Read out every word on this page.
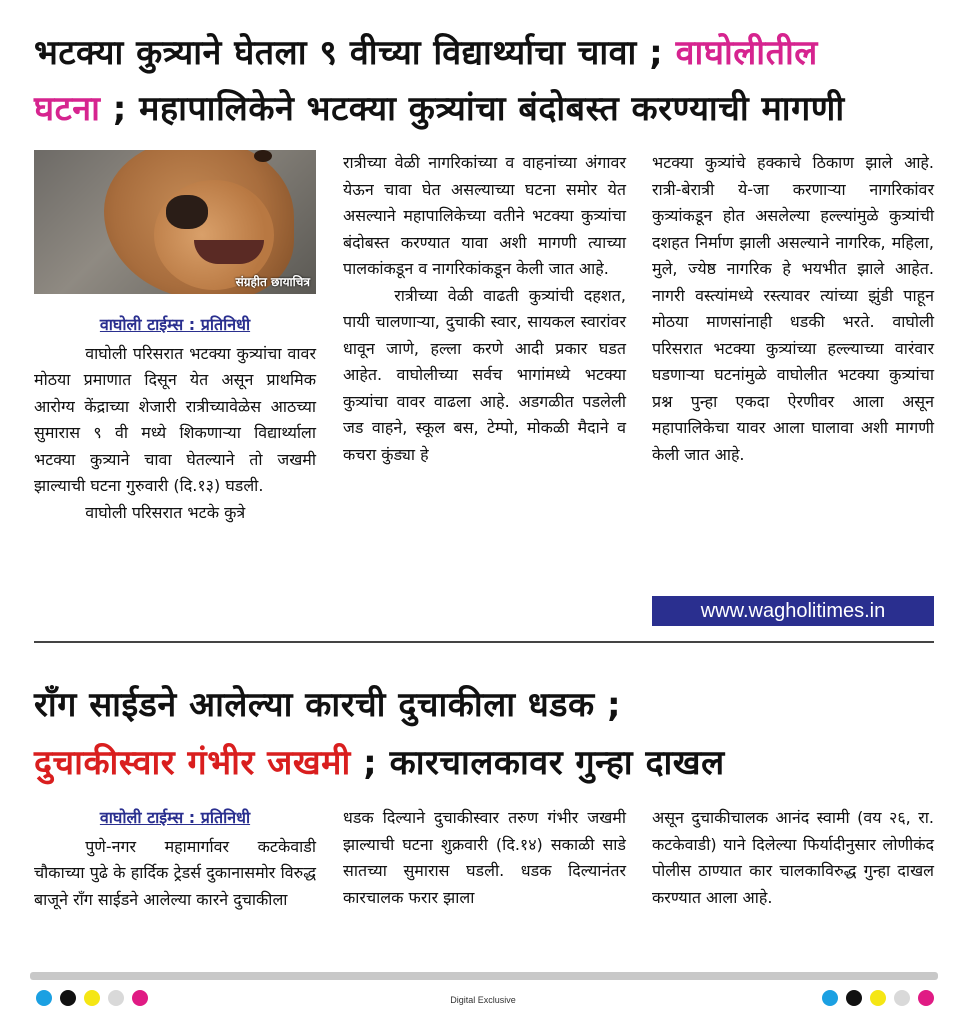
भटक्या कुत्र्याने घेतला ९ वीच्या विद्यार्थ्याचा चावा ; वाघोलीतील
घटना ; महापालिकेने भटक्या कुत्र्यांचा बंदोबस्त करण्याची मागणी
संग्रहीत छायाचित्र
वाघोली टाईम्स : प्रतिनिधी

वाघोली परिसरात भटक्या कुत्र्यांचा वावर मोठया प्रमाणात दिसून येत असून प्राथमिक आरोग्य केंद्राच्या शेजारी रात्रीच्यावेळेस आठच्या सुमारास ९ वी मध्ये शिकणाऱ्या विद्यार्थ्याला भटक्या कुत्र्याने चावा घेतल्याने तो जखमी झाल्याची घटना गुरुवारी (दि.१३) घडली.

वाघोली परिसरात भटके कुत्रे

रात्रीच्या वेळी नागरिकांच्या व वाहनांच्या अंगावर येऊन चावा घेत असल्याच्या घटना समोर येत असल्याने महापालिकेच्या वतीने भटक्या कुत्र्यांचा बंदोबस्त करण्यात यावा अशी मागणी त्याच्या पालकांकडून व नागरिकांकडून केली जात आहे.

रात्रीच्या वेळी वाढती कुत्र्यांची दहशत, पायी चालणाऱ्या, दुचाकी स्वार, सायकल स्वारांवर धावून जाणे, हल्ला करणे आदी प्रकार घडत आहेत. वाघोलीच्या सर्वच भागांमध्ये भटक्या कुत्र्यांचा वावर वाढला आहे. अडगळीत पडलेली जड वाहने, स्कूल बस, टेम्पो, मोकळी मैदाने व कचरा कुंड्या हे

भटक्या कुत्र्यांचे हक्काचे ठिकाण झाले आहे. रात्री-बेरात्री ये-जा करणाऱ्या नागरिकांवर कुत्र्यांकडून होत असलेल्या हल्ल्यांमुळे कुत्र्यांची दशहत निर्माण झाली असल्याने नागरिक, महिला, मुले, ज्येष्ठ नागरिक हे भयभीत झाले आहेत. नागरी वस्त्यांमध्ये रस्त्यावर त्यांच्या झुंडी पाहून मोठया माणसांनाही धडकी भरते. वाघोली परिसरात भटक्या कुत्र्यांच्या हल्ल्याच्या वारंवार घडणाऱ्या घटनांमुळे वाघोलीत भटक्या कुत्र्यांचा प्रश्न पुन्हा एकदा ऐरणीवर आला असून महापालिकेचा यावर आला घालावा अशी मागणी केली जात आहे.

www.wagholitimes.in
रॉंग साईडने आलेल्या कारची दुचाकीला धडक ;
दुचाकीस्वार गंभीर जखमी ; कारचालकावर गुन्हा दाखल
वाघोली टाईम्स : प्रतिनिधी

पुणे-नगर महामार्गावर कटकेवाडी चौकाच्या पुढे के हार्दिक ट्रेडर्स दुकानासमोर विरुद्ध बाजूने रॉंग साईडने आलेल्या कारने दुचाकीला

धडक दिल्याने दुचाकीस्वार तरुण गंभीर जखमी झाल्याची घटना शुक्रवारी (दि.१४) सकाळी साडे सातच्या सुमारास घडली. धडक दिल्यानंतर कारचालक फरार झाला

असून दुचाकीचालक आनंद स्वामी (वय २६, रा. कटकेवाडी) याने दिलेल्या फिर्यादीनुसार लोणीकंद पोलीस ठाण्यात कार चालकाविरुद्ध गुन्हा दाखल करण्यात आला आहे.

Digital Exclusive
